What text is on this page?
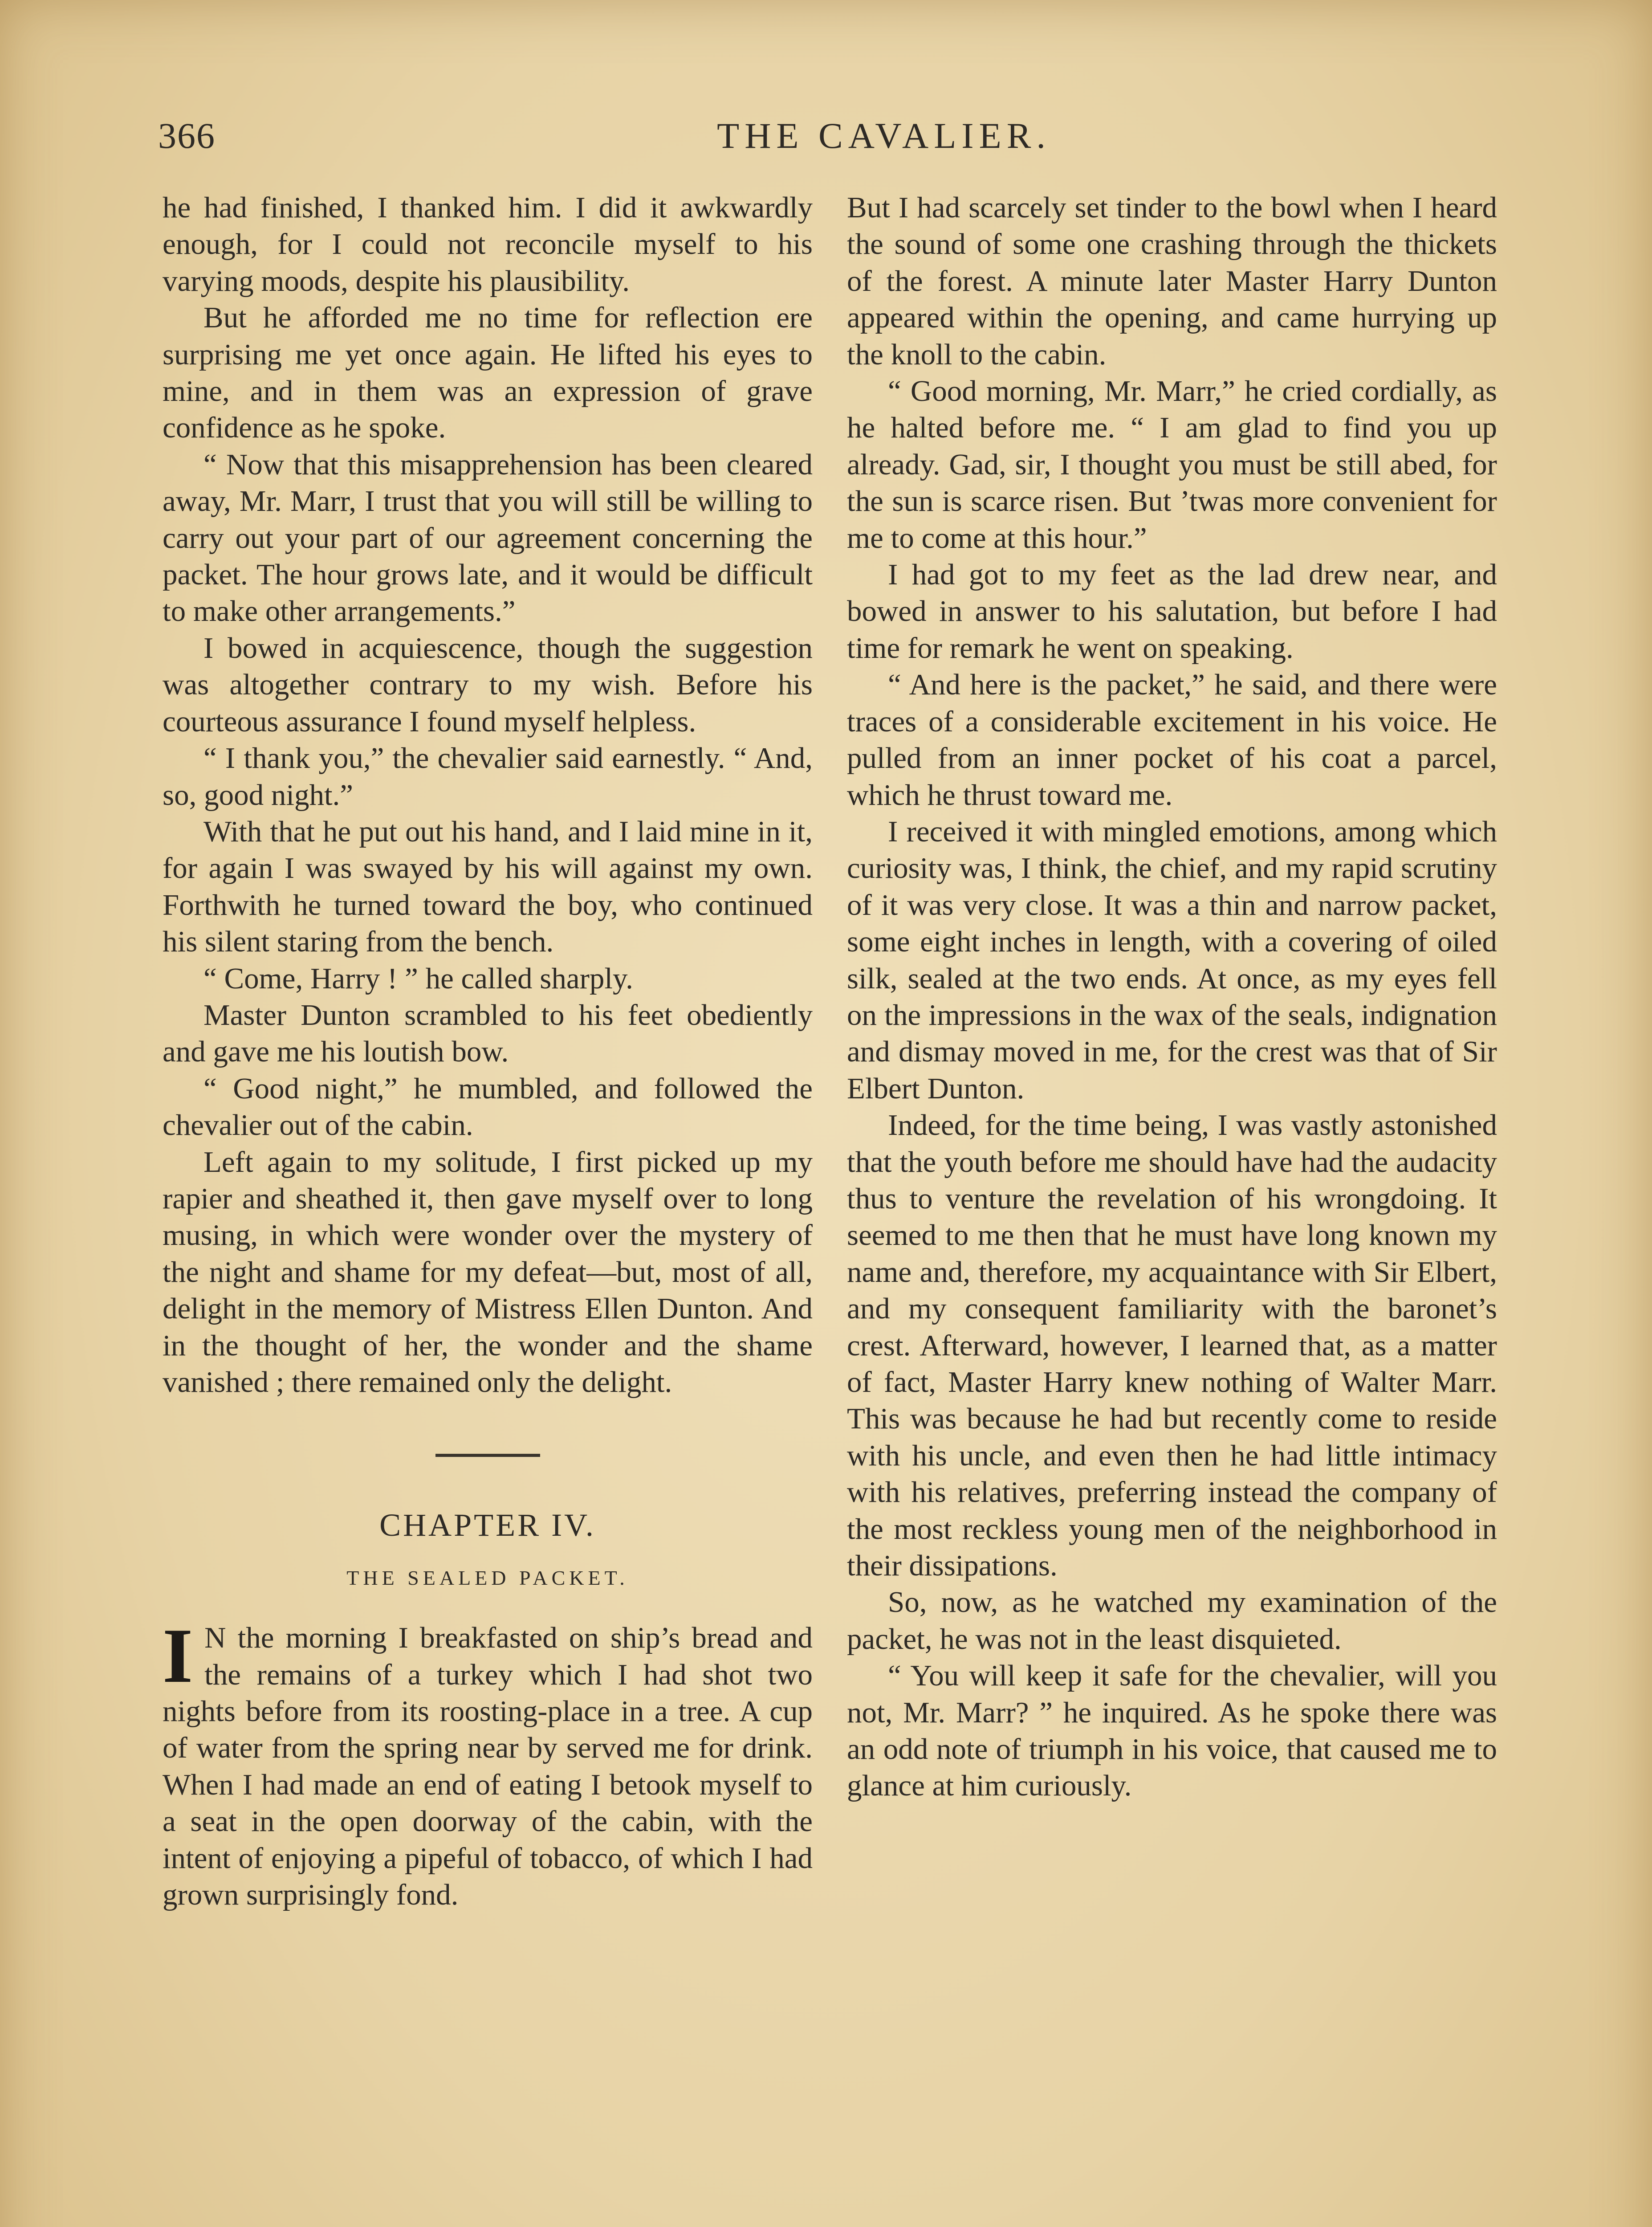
366	THE CAVALIER.

he had finished, I thanked him. I did it awkwardly enough, for I could not reconcile myself to his varying moods, despite his plausibility.

But he afforded me no time for reflection ere surprising me yet once again. He lifted his eyes to mine, and in them was an expression of grave confidence as he spoke.

“ Now that this misapprehension has been cleared away, Mr. Marr, I trust that you will still be willing to carry out your part of our agreement concerning the packet. The hour grows late, and it would be difficult to make other arrangements.”

I bowed in acquiescence, though the suggestion was altogether contrary to my wish. Before his courteous assurance I found myself helpless.

“ I thank you,” the chevalier said earnestly. “ And, so, good night.”

With that he put out his hand, and I laid mine in it, for again I was swayed by his will against my own. Forthwith he turned toward the boy, who continued his silent staring from the bench.

“ Come, Harry ! ” he called sharply.

Master Dunton scrambled to his feet obediently and gave me his loutish bow.

“ Good night,” he mumbled, and followed the chevalier out of the cabin.

Left again to my solitude, I first picked up my rapier and sheathed it, then gave myself over to long musing, in which were wonder over the mystery of the night and shame for my defeat—but, most of all, delight in the memory of Mistress Ellen Dunton. And in the thought of her, the wonder and the shame vanished ; there remained only the delight.

CHAPTER IV.
THE SEALED PACKET.

I N the morning I breakfasted on ship’s bread and the remains of a turkey which I had shot two nights before from its roosting-place in a tree. A cup of water from the spring near by served me for drink. When I had made an end of eating I betook myself to a seat in the open doorway of the cabin, with the intent of enjoying a pipeful of tobacco, of which I had grown surprisingly fond.

But I had scarcely set tinder to the bowl when I heard the sound of some one crashing through the thickets of the forest. A minute later Master Harry Dunton appeared within the opening, and came hurrying up the knoll to the cabin.

“ Good morning, Mr. Marr,” he cried cordially, as he halted before me. “ I am glad to find you up already. Gad, sir, I thought you must be still abed, for the sun is scarce risen. But ’twas more convenient for me to come at this hour.”

I had got to my feet as the lad drew near, and bowed in answer to his salutation, but before I had time for remark he went on speaking.

“ And here is the packet,” he said, and there were traces of a considerable excitement in his voice. He pulled from an inner pocket of his coat a parcel, which he thrust toward me.

I received it with mingled emotions, among which curiosity was, I think, the chief, and my rapid scrutiny of it was very close. It was a thin and narrow packet, some eight inches in length, with a covering of oiled silk, sealed at the two ends. At once, as my eyes fell on the impressions in the wax of the seals, indignation and dismay moved in me, for the crest was that of Sir Elbert Dunton.

Indeed, for the time being, I was vastly astonished that the youth before me should have had the audacity thus to venture the revelation of his wrongdoing. It seemed to me then that he must have long known my name and, therefore, my acquaintance with Sir Elbert, and my consequent familiarity with the baronet’s crest. Afterward, however, I learned that, as a matter of fact, Master Harry knew nothing of Walter Marr. This was because he had but recently come to reside with his uncle, and even then he had little intimacy with his relatives, preferring instead the company of the most reckless young men of the neighborhood in their dissipations.

So, now, as he watched my examination of the packet, he was not in the least disquieted.

“ You will keep it safe for the chevalier, will you not, Mr. Marr? ” he inquired. As he spoke there was an odd note of triumph in his voice, that caused me to glance at him curiously.
